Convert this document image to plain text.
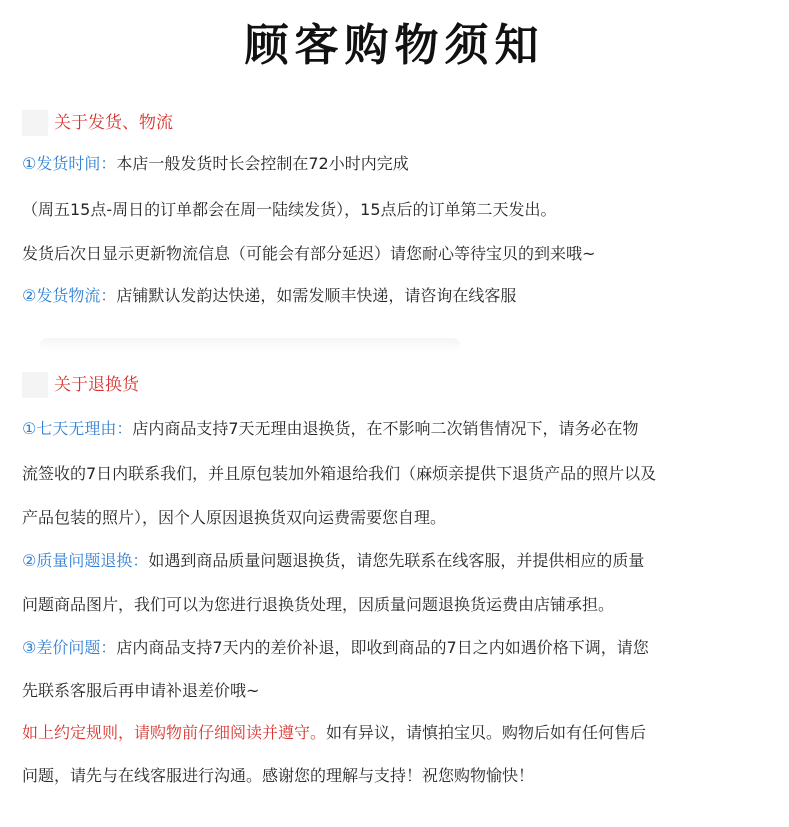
顾客购物须知
关于发货、物流
①发货时间：本店一般发货时长会控制在72小时内完成
（周五15点-周日的订单都会在周一陆续发货），15点后的订单第二天发出。
发货后次日显示更新物流信息（可能会有部分延迟）请您耐心等待宝贝的到来哦~
②发货物流：店铺默认发韵达快递，如需发顺丰快递，请咨询在线客服
关于退换货
①七天无理由：店内商品支持7天无理由退换货，在不影响二次销售情况下，请务必在物
流签收的7日内联系我们，并且原包装加外箱退给我们（麻烦亲提供下退货产品的照片以及
产品包装的照片），因个人原因退换货双向运费需要您自理。
②质量问题退换：如遇到商品质量问题退换货，请您先联系在线客服，并提供相应的质量
问题商品图片，我们可以为您进行退换货处理，因质量问题退换货运费由店铺承担。
③差价问题：店内商品支持7天内的差价补退，即收到商品的7日之内如遇价格下调，请您
先联系客服后再申请补退差价哦~
如上约定规则，请购物前仔细阅读并遵守。如有异议，请慎拍宝贝。购物后如有任何售后
问题，请先与在线客服进行沟通。感谢您的理解与支持！祝您购物愉快！
